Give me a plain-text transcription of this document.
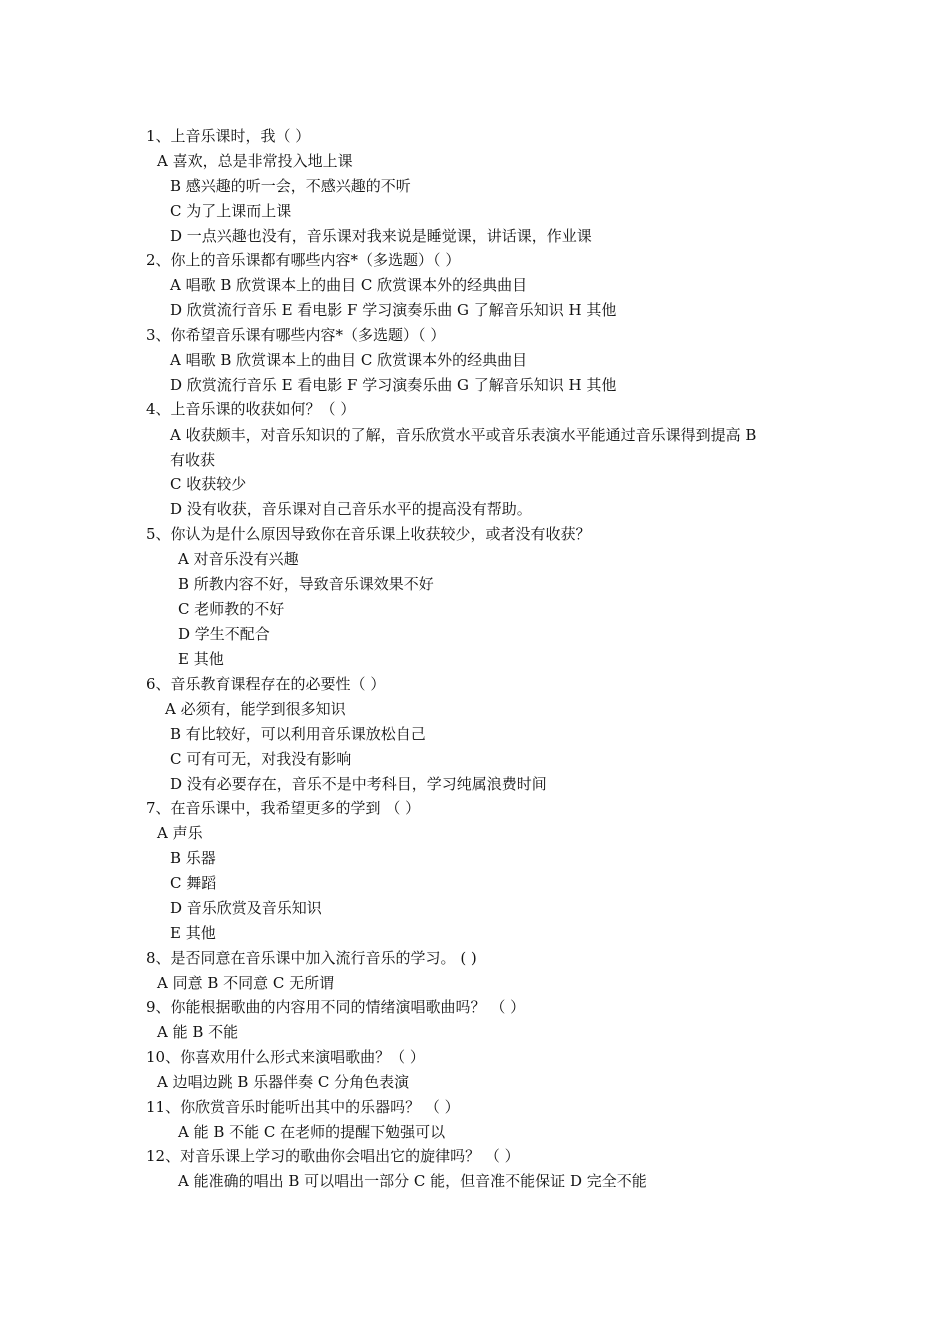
1、上音乐课时，我（ ）
A 喜欢，总是非常投入地上课
B 感兴趣的听一会，不感兴趣的不听
C 为了上课而上课
D 一点兴趣也没有，音乐课对我来说是睡觉课，讲话课，作业课
2、你上的音乐课都有哪些内容*（多选题）（ ）
A 唱歌 B 欣赏课本上的曲目 C 欣赏课本外的经典曲目
D 欣赏流行音乐 E 看电影 F 学习演奏乐曲 G 了解音乐知识 H 其他
3、你希望音乐课有哪些内容*（多选题）（ ）
A 唱歌 B 欣赏课本上的曲目 C 欣赏课本外的经典曲目
D 欣赏流行音乐 E 看电影 F 学习演奏乐曲 G 了解音乐知识 H 其他
4、上音乐课的收获如何？（ ）
A 收获颇丰，对音乐知识的了解，音乐欣赏水平或音乐表演水平能通过音乐课得到提高 B
有收获
C 收获较少
D 没有收获，音乐课对自己音乐水平的提高没有帮助。
5、你认为是什么原因导致你在音乐课上收获较少，或者没有收获？
A 对音乐没有兴趣
B 所教内容不好，导致音乐课效果不好
C 老师教的不好
D 学生不配合
E 其他
6、音乐教育课程存在的必要性（ ）
A 必须有，能学到很多知识
B 有比较好，可以利用音乐课放松自己
C 可有可无，对我没有影响
D 没有必要存在，音乐不是中考科目，学习纯属浪费时间
7、在音乐课中，我希望更多的学到 （ ）
A 声乐
B 乐器
C 舞蹈
D 音乐欣赏及音乐知识
E 其他
8、是否同意在音乐课中加入流行音乐的学习。 ( )
A 同意 B 不同意 C 无所谓
9、你能根据歌曲的内容用不同的情绪演唱歌曲吗？ （ ）
A 能 B 不能
10、你喜欢用什么形式来演唱歌曲？（ ）
A 边唱边跳 B 乐器伴奏 C 分角色表演
11、你欣赏音乐时能听出其中的乐器吗？ （ ）
A 能 B 不能 C 在老师的提醒下勉强可以
12、对音乐课上学习的歌曲你会唱出它的旋律吗？ （ ）
A 能准确的唱出 B 可以唱出一部分 C 能，但音准不能保证 D 完全不能
